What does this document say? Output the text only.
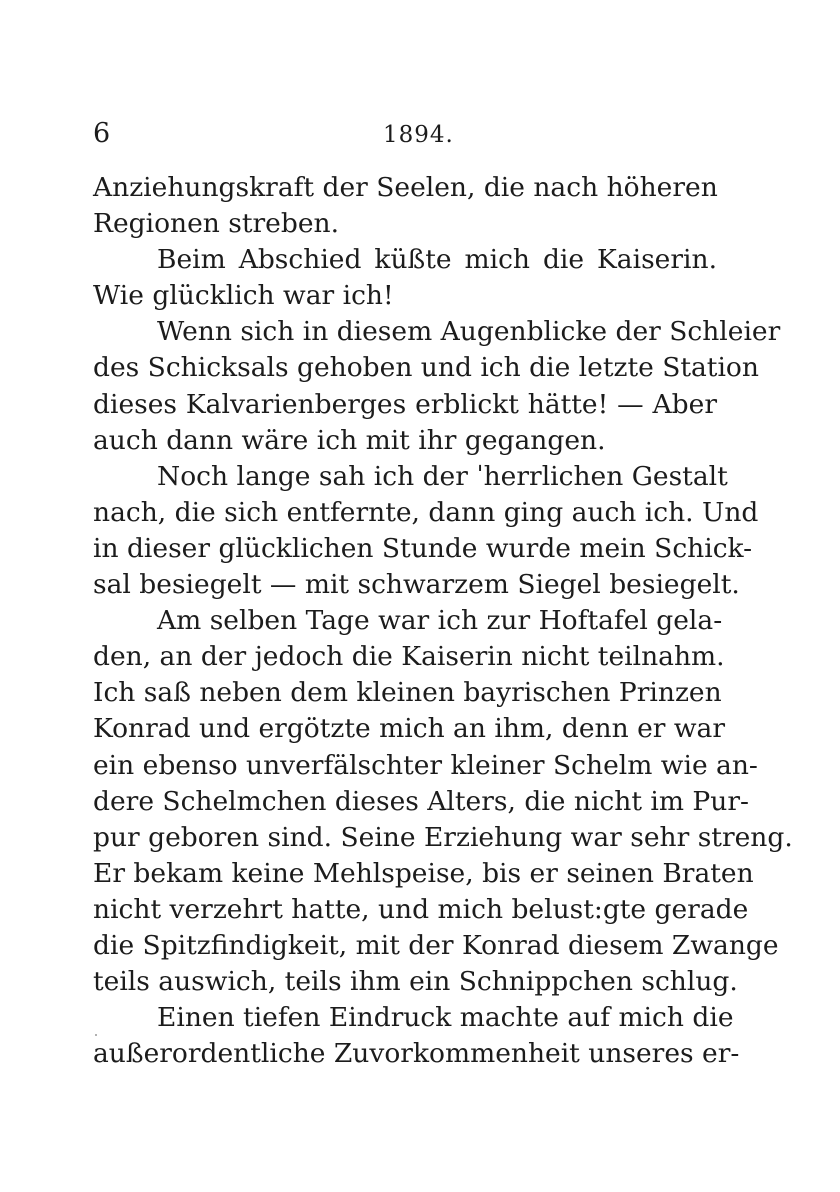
6	1894.
Anziehungskraft der Seelen, die nach höheren
Regionen streben.
Beim Abschied küßte mich die Kaiserin.
Wie glücklich war ich!
Wenn sich in diesem Augenblicke der Schleier
des Schicksals gehoben und ich die letzte Station
dieses Kalvarienberges erblickt hätte! — Aber
auch dann wäre ich mit ihr gegangen.
Noch lange sah ich der ˈherrlichen Gestalt
nach, die sich entfernte, dann ging auch ich. Und
in dieser glücklichen Stunde wurde mein Schick-
sal besiegelt — mit schwarzem Siegel besiegelt.
Am selben Tage war ich zur Hoftafel gela-
den, an der jedoch die Kaiserin nicht teilnahm.
Ich saß neben dem kleinen bayrischen Prinzen
Konrad und ergötzte mich an ihm, denn er war
ein ebenso unverfälschter kleiner Schelm wie an-
dere Schelmchen dieses Alters, die nicht im Pur-
pur geboren sind. Seine Erziehung war sehr streng.
Er bekam keine Mehlspeise, bis er seinen Braten
nicht verzehrt hatte, und mich belust:gte gerade
die Spitzfindigkeit, mit der Konrad diesem Zwange
teils auswich, teils ihm ein Schnippchen schlug.
Einen tiefen Eindruck machte auf mich die
außerordentliche Zuvorkommenheit unseres er-
